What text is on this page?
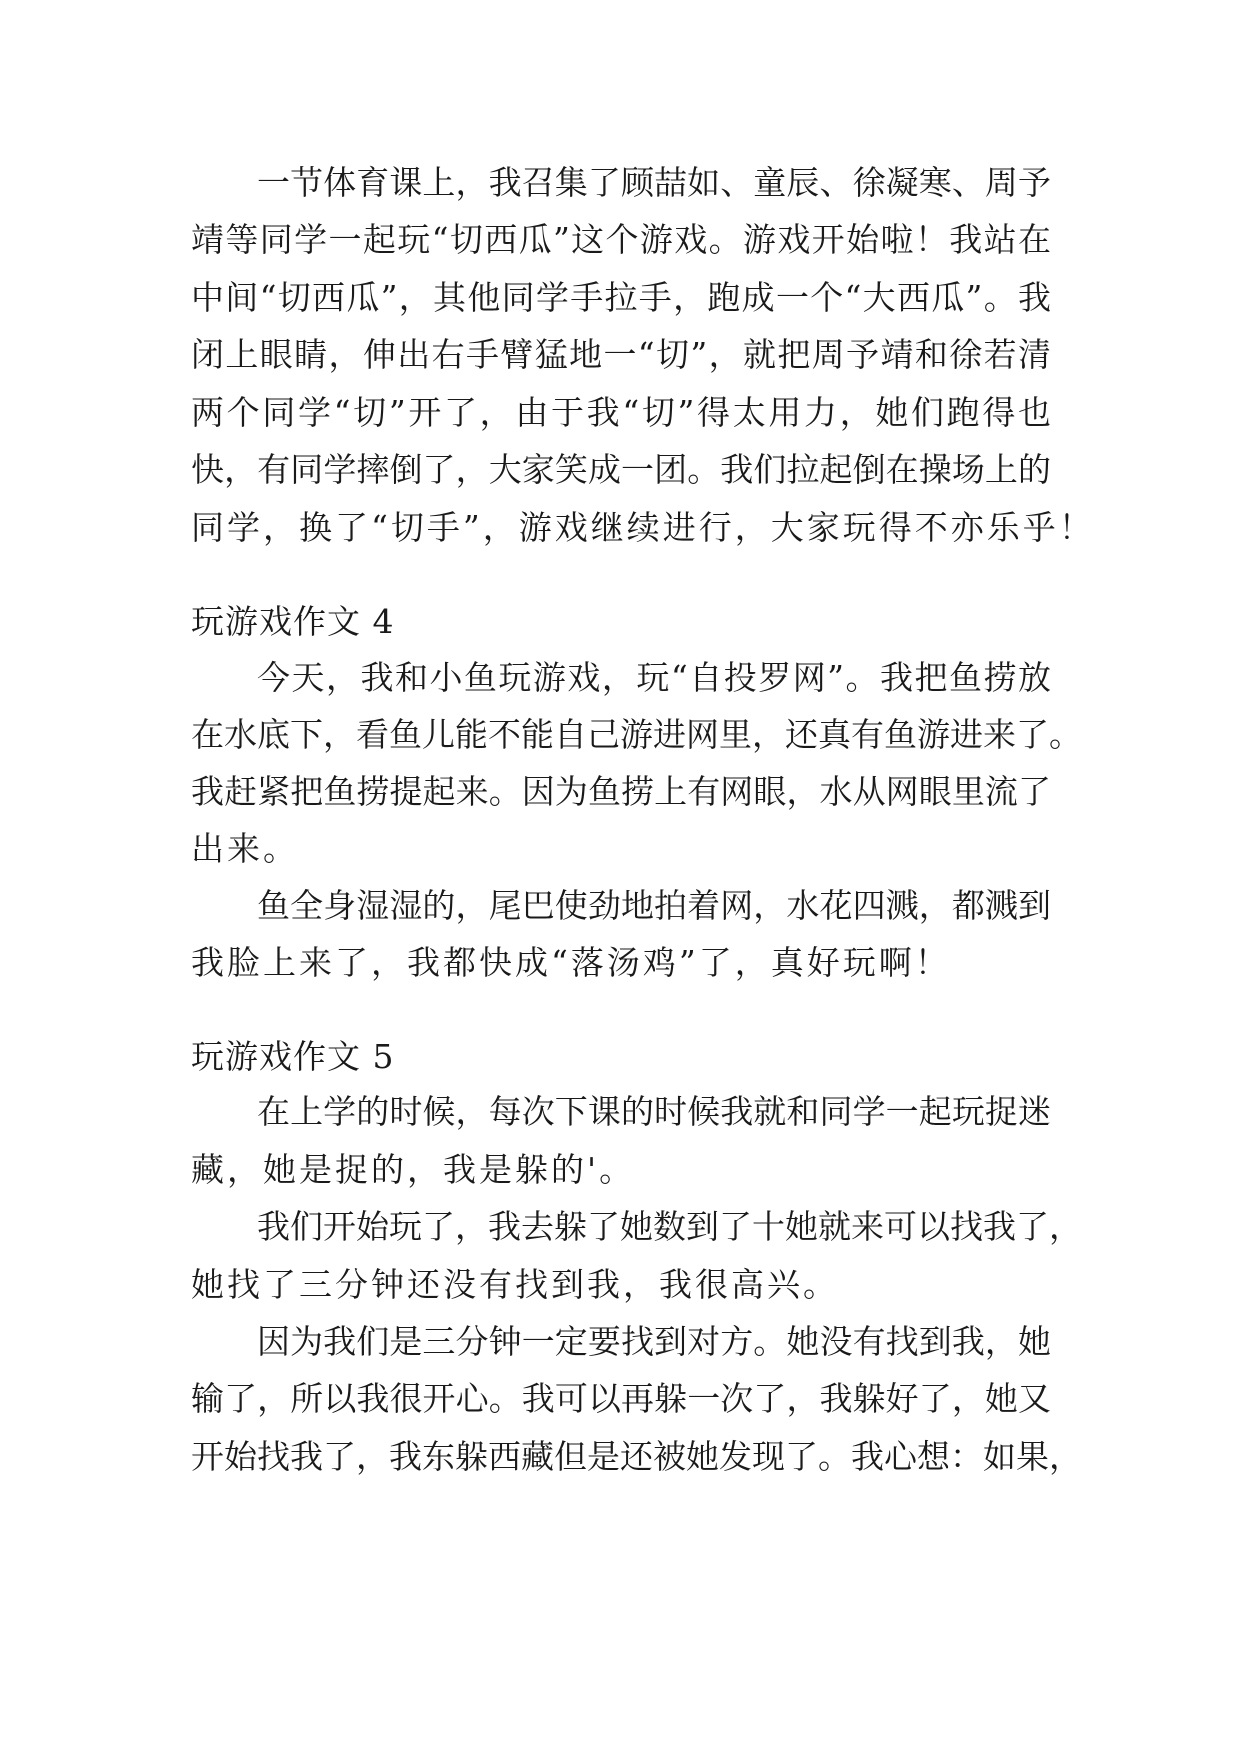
一节体育课上，我召集了顾喆如、童辰、徐凝寒、周予
靖等同学一起玩“切西瓜”这个游戏。游戏开始啦！我站在
中间“切西瓜”，其他同学手拉手，跑成一个“大西瓜”。我
闭上眼睛，伸出右手臂猛地一“切”，就把周予靖和徐若清
两个同学“切”开了，由于我“切”得太用力，她们跑得也
快，有同学摔倒了，大家笑成一团。我们拉起倒在操场上的
同学，换了“切手”，游戏继续进行，大家玩得不亦乐乎！
玩游戏作文 4
今天，我和小鱼玩游戏，玩“自投罗网”。我把鱼捞放
在水底下，看鱼儿能不能自己游进网里，还真有鱼游进来了。
我赶紧把鱼捞提起来。因为鱼捞上有网眼，水从网眼里流了
出来。
鱼全身湿湿的，尾巴使劲地拍着网，水花四溅，都溅到
我脸上来了，我都快成“落汤鸡”了，真好玩啊！
玩游戏作文 5
在上学的时候，每次下课的时候我就和同学一起玩捉迷
藏，她是捉的，我是躲的'。
我们开始玩了，我去躲了她数到了十她就来可以找我了，
她找了三分钟还没有找到我，我很高兴。
因为我们是三分钟一定要找到对方。她没有找到我，她
输了，所以我很开心。我可以再躲一次了，我躲好了，她又
开始找我了，我东躲西藏但是还被她发现了。我心想：如果，
